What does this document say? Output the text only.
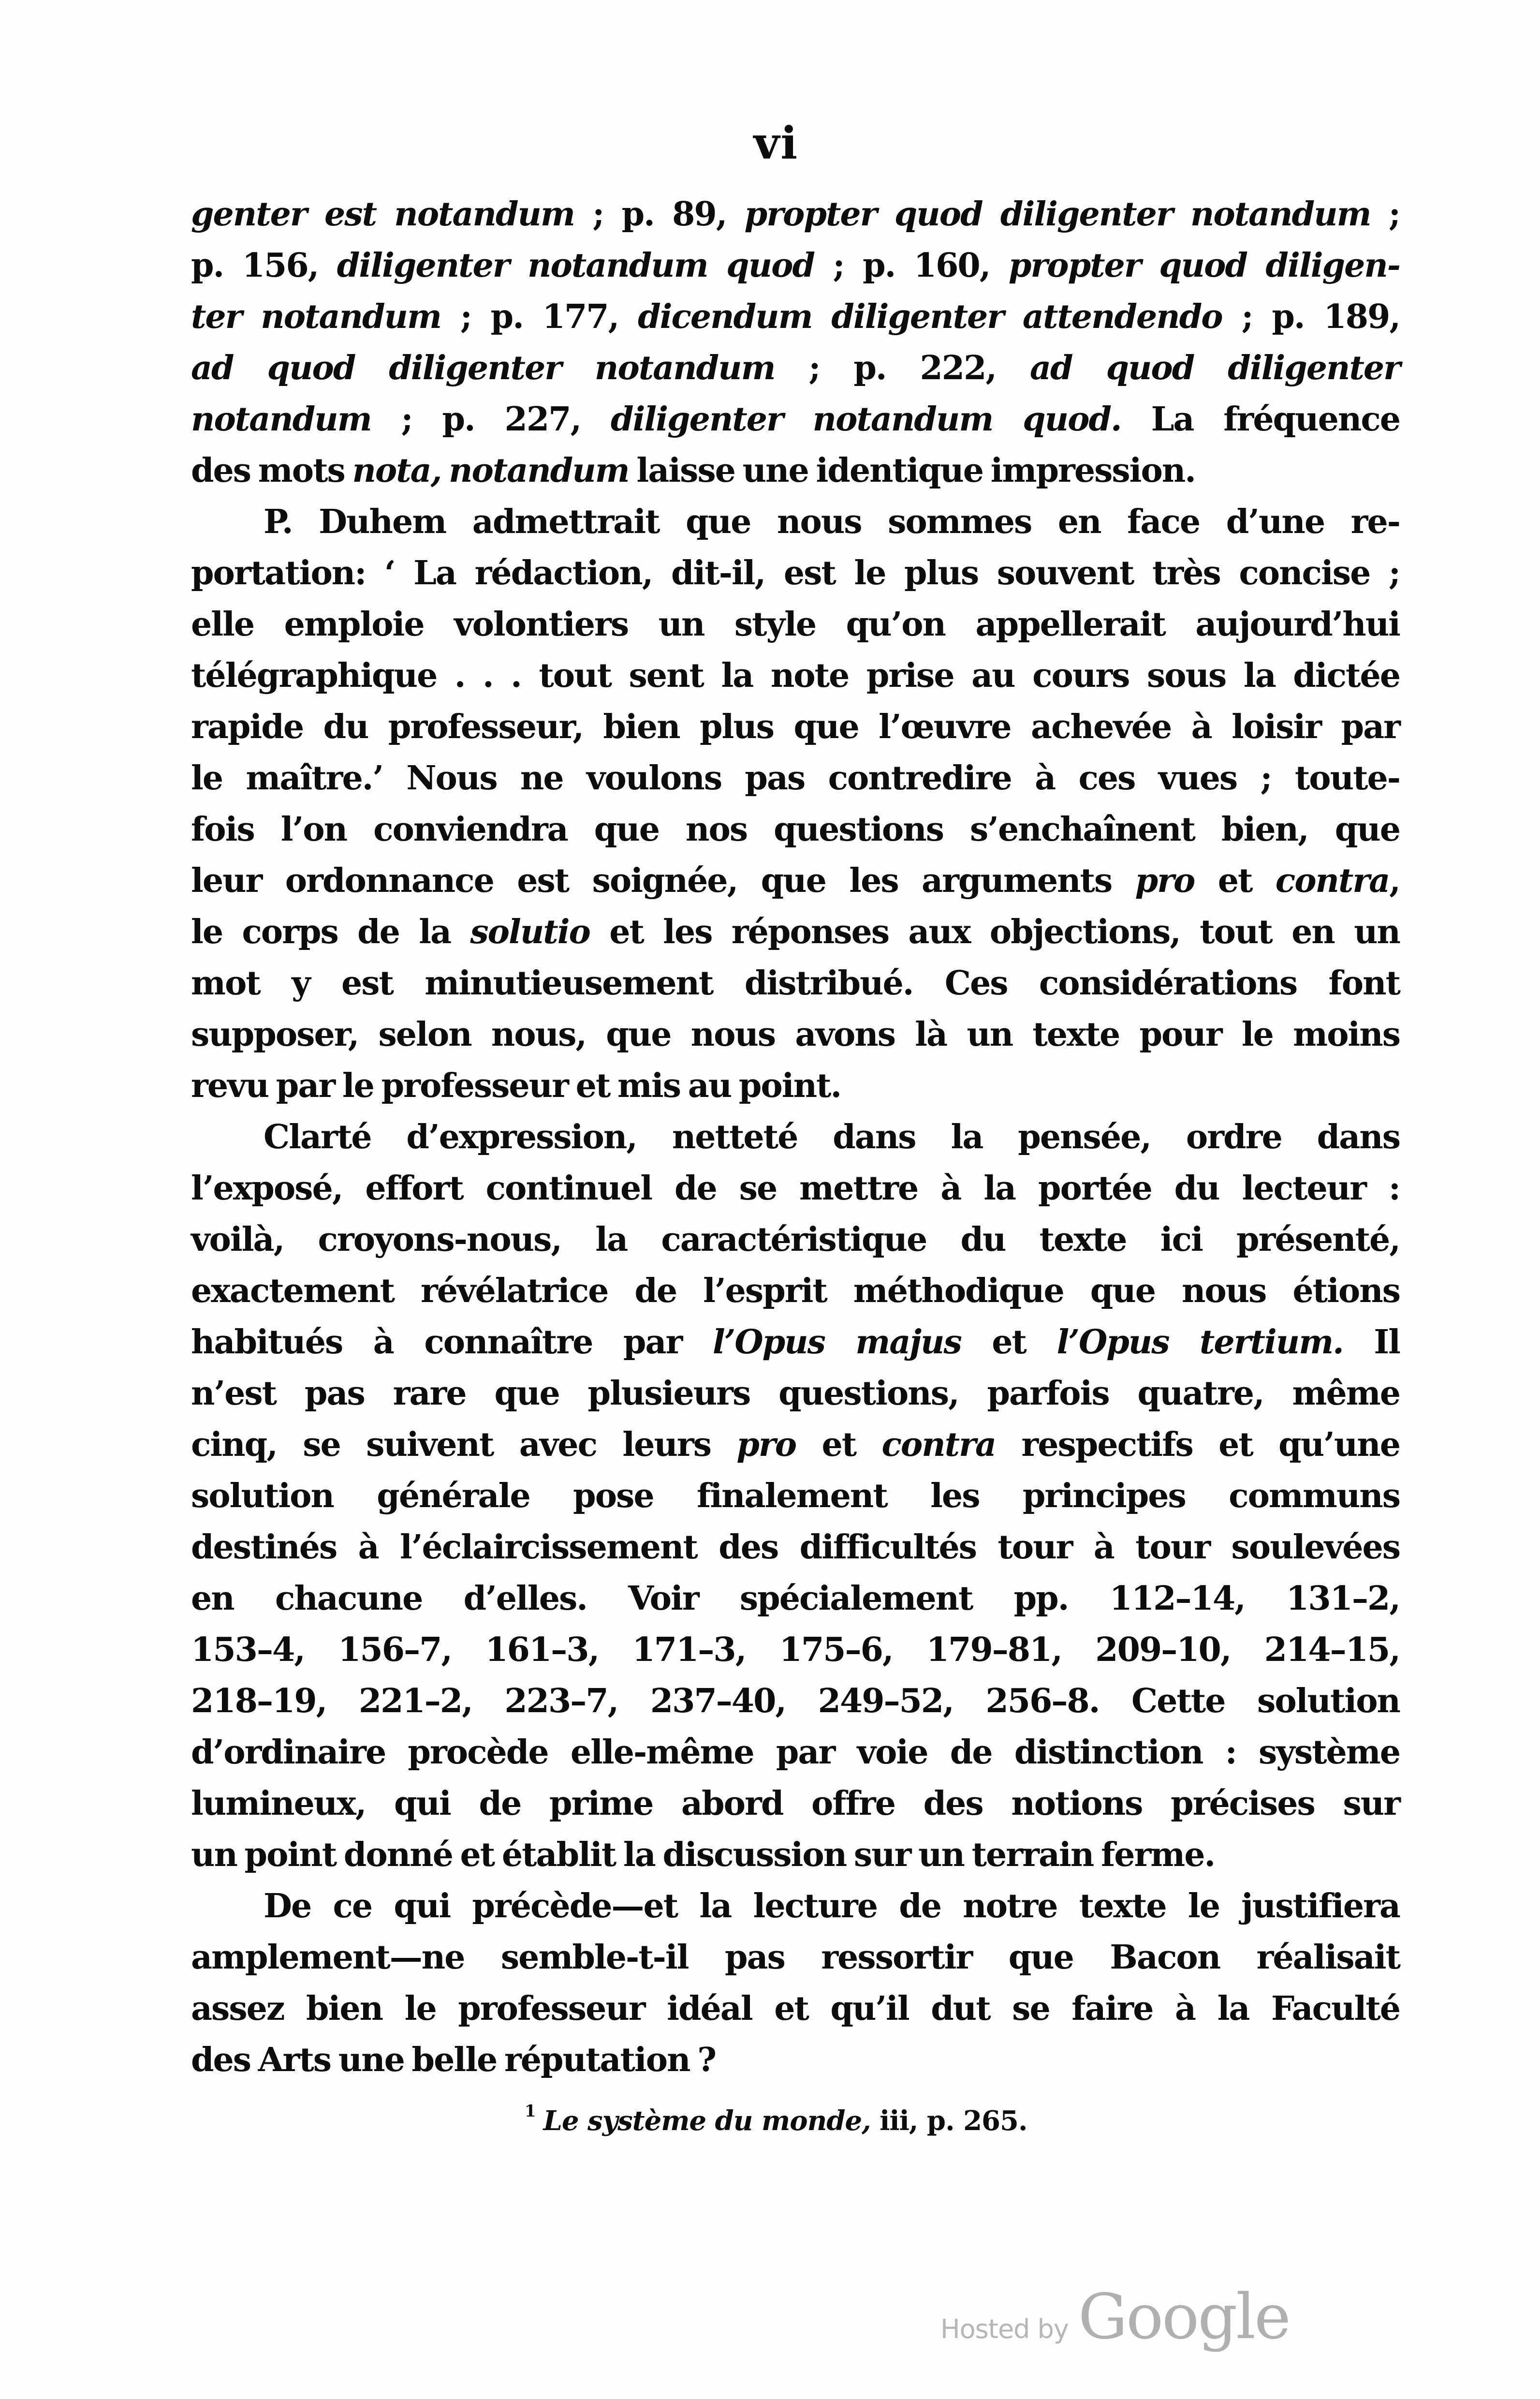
vi
genter est notandum ; p. 89, propter quod diligenter notandum ;
p. 156, diligenter notandum quod ; p. 160, propter quod diligen-
ter notandum ; p. 177, dicendum diligenter attendendo ; p. 189,
ad quod diligenter notandum ; p. 222, ad quod diligenter
notandum ; p. 227, diligenter notandum quod. La fréquence
des mots nota, notandum laisse une identique impression.
P. Duhem admettrait que nous sommes en face d’une re-
portation: ‘ La rédaction, dit-il, est le plus souvent très concise ;
elle emploie volontiers un style qu’on appellerait aujourd’hui
télégraphique . . . tout sent la note prise au cours sous la dictée
rapide du professeur, bien plus que l’œuvre achevée à loisir par
le maître.’ Nous ne voulons pas contredire à ces vues ; toute-
fois l’on conviendra que nos questions s’enchaînent bien, que
leur ordonnance est soignée, que les arguments pro et contra,
le corps de la solutio et les réponses aux objections, tout en un
mot y est minutieusement distribué. Ces considérations font
supposer, selon nous, que nous avons là un texte pour le moins
revu par le professeur et mis au point.
Clarté d’expression, netteté dans la pensée, ordre dans
l’exposé, effort continuel de se mettre à la portée du lecteur :
voilà, croyons-nous, la caractéristique du texte ici présenté,
exactement révélatrice de l’esprit méthodique que nous étions
habitués à connaître par l’Opus majus et l’Opus tertium. Il
n’est pas rare que plusieurs questions, parfois quatre, même
cinq, se suivent avec leurs pro et contra respectifs et qu’une
solution générale pose finalement les principes communs
destinés à l’éclaircissement des difficultés tour à tour soulevées
en chacune d’elles. Voir spécialement pp. 112–14, 131–2,
153–4, 156–7, 161–3, 171–3, 175–6, 179–81, 209–10, 214–15,
218–19, 221–2, 223–7, 237–40, 249–52, 256–8. Cette solution
d’ordinaire procède elle-même par voie de distinction : système
lumineux, qui de prime abord offre des notions précises sur
un point donné et établit la discussion sur un terrain ferme.
De ce qui précède—et la lecture de notre texte le justifiera
amplement—ne semble-t-il pas ressortir que Bacon réalisait
assez bien le professeur idéal et qu’il dut se faire à la Faculté
des Arts une belle réputation ?
$^1$ Le système du monde, iii, p. 265.
Hosted by Google
